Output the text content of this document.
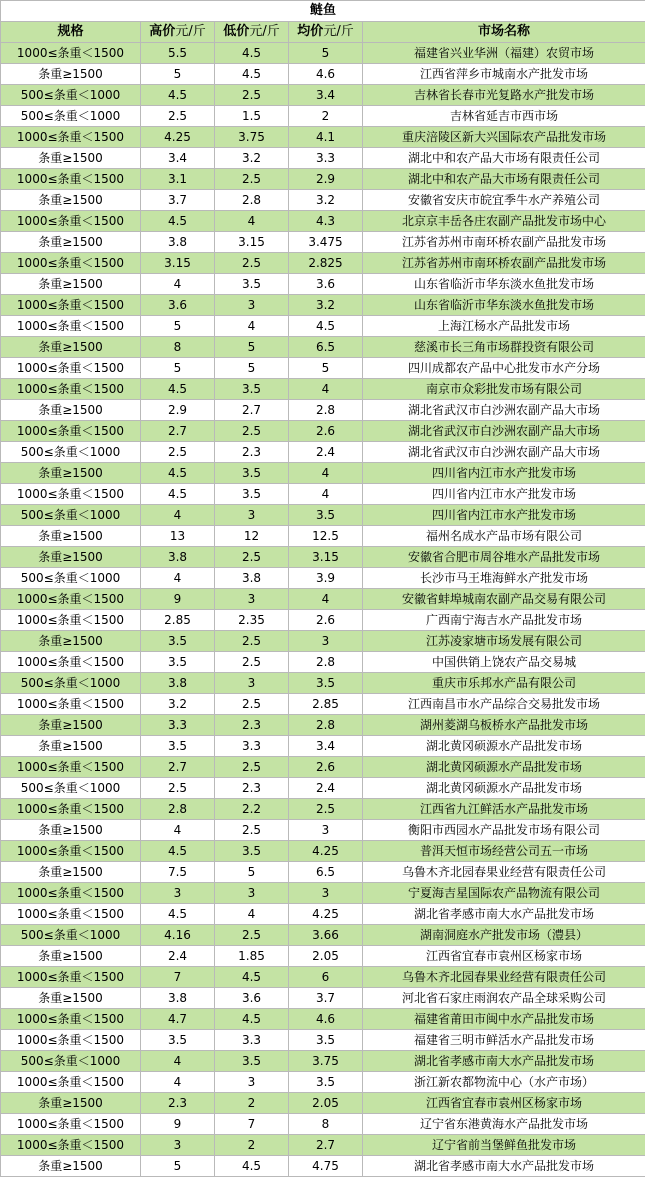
鲢鱼				
规格	高价元/斤	低价元/斤	均价元/斤	市场名称
1000≤条重＜1500	5.5	4.5	5	福建省兴业华洲（福建）农贸市场
条重≥1500	5	4.5	4.6	江西省萍乡市城南水产批发市场
500≤条重＜1000	4.5	2.5	3.4	吉林省长春市光复路水产批发市场
500≤条重＜1000	2.5	1.5	2	吉林省延吉市西市场
1000≤条重＜1500	4.25	3.75	4.1	重庆涪陵区新大兴国际农产品批发市场
条重≥1500	3.4	3.2	3.3	湖北中和农产品大市场有限责任公司
1000≤条重＜1500	3.1	2.5	2.9	湖北中和农产品大市场有限责任公司
条重≥1500	3.7	2.8	3.2	安徽省安庆市皖宜季牛水产养殖公司
1000≤条重＜1500	4.5	4	4.3	北京京丰岳各庄农副产品批发市场中心
条重≥1500	3.8	3.15	3.475	江苏省苏州市南环桥农副产品批发市场
1000≤条重＜1500	3.15	2.5	2.825	江苏省苏州市南环桥农副产品批发市场
条重≥1500	4	3.5	3.6	山东省临沂市华东淡水鱼批发市场
1000≤条重＜1500	3.6	3	3.2	山东省临沂市华东淡水鱼批发市场
1000≤条重＜1500	5	4	4.5	上海江杨水产品批发市场
条重≥1500	8	5	6.5	慈溪市长三角市场群投资有限公司
1000≤条重＜1500	5	5	5	四川成都农产品中心批发市水产分场
1000≤条重＜1500	4.5	3.5	4	南京市众彩批发市场有限公司
条重≥1500	2.9	2.7	2.8	湖北省武汉市白沙洲农副产品大市场
1000≤条重＜1500	2.7	2.5	2.6	湖北省武汉市白沙洲农副产品大市场
500≤条重＜1000	2.5	2.3	2.4	湖北省武汉市白沙洲农副产品大市场
条重≥1500	4.5	3.5	4	四川省内江市水产批发市场
1000≤条重＜1500	4.5	3.5	4	四川省内江市水产批发市场
500≤条重＜1000	4	3	3.5	四川省内江市水产批发市场
条重≥1500	13	12	12.5	福州名成水产品市场有限公司
条重≥1500	3.8	2.5	3.15	安徽省合肥市周谷堆水产品批发市场
500≤条重＜1000	4	3.8	3.9	长沙市马王堆海鲜水产批发市场
1000≤条重＜1500	9	3	4	安徽省蚌埠城南农副产品交易有限公司
1000≤条重＜1500	2.85	2.35	2.6	广西南宁海吉水产品批发市场
条重≥1500	3.5	2.5	3	江苏凌家塘市场发展有限公司
1000≤条重＜1500	3.5	2.5	2.8	中国供销上饶农产品交易城
500≤条重＜1000	3.8	3	3.5	重庆市乐邦水产品有限公司
1000≤条重＜1500	3.2	2.5	2.85	江西南昌市水产品综合交易批发市场
条重≥1500	3.3	2.3	2.8	湖州菱湖乌板桥水产品批发市场
条重≥1500	3.5	3.3	3.4	湖北黄冈硕源水产品批发市场
1000≤条重＜1500	2.7	2.5	2.6	湖北黄冈硕源水产品批发市场
500≤条重＜1000	2.5	2.3	2.4	湖北黄冈硕源水产品批发市场
1000≤条重＜1500	2.8	2.2	2.5	江西省九江鲜活水产品批发市场
条重≥1500	4	2.5	3	衡阳市西园水产品批发市场有限公司
1000≤条重＜1500	4.5	3.5	4.25	普洱天恒市场经营公司五一市场
条重≥1500	7.5	5	6.5	乌鲁木齐北园春果业经营有限责任公司
1000≤条重＜1500	3	3	3	宁夏海吉星国际农产品物流有限公司
1000≤条重＜1500	4.5	4	4.25	湖北省孝感市南大水产品批发市场
500≤条重＜1000	4.16	2.5	3.66	湖南洞庭水产批发市场（澧县）
条重≥1500	2.4	1.85	2.05	江西省宜春市袁州区杨家市场
1000≤条重＜1500	7	4.5	6	乌鲁木齐北园春果业经营有限责任公司
条重≥1500	3.8	3.6	3.7	河北省石家庄雨润农产品全球采购公司
1000≤条重＜1500	4.7	4.5	4.6	福建省莆田市闽中水产品批发市场
1000≤条重＜1500	3.5	3.3	3.5	福建省三明市鲜活水产品批发市场
500≤条重＜1000	4	3.5	3.75	湖北省孝感市南大水产品批发市场
1000≤条重＜1500	4	3	3.5	浙江新农都物流中心（水产市场）
条重≥1500	2.3	2	2.05	江西省宜春市袁州区杨家市场
1000≤条重＜1500	9	7	8	辽宁省东港黄海水产品批发市场
1000≤条重＜1500	3	2	2.7	辽宁省前当堡鲜鱼批发市场
条重≥1500	5	4.5	4.75	湖北省孝感市南大水产品批发市场
